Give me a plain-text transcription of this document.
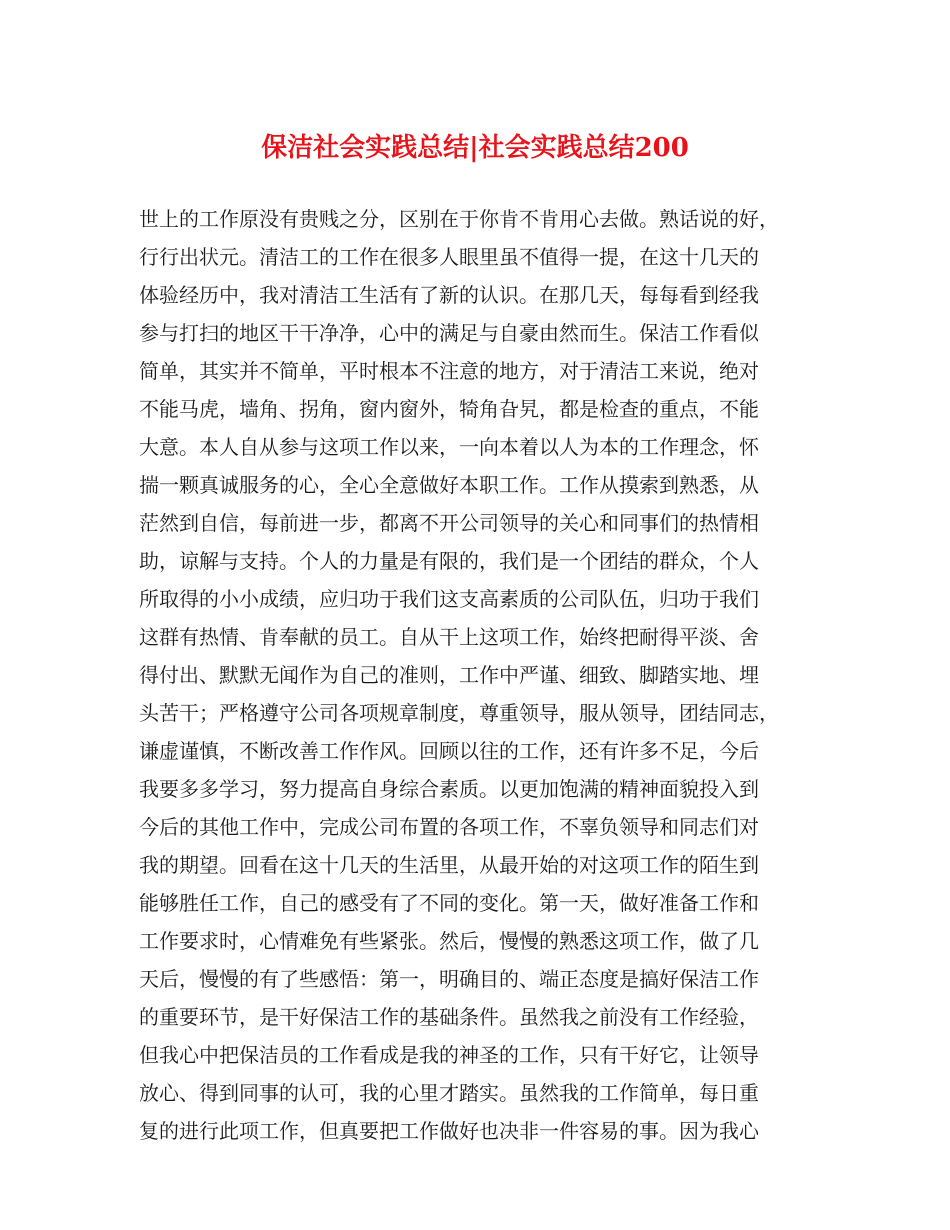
保洁社会实践总结|社会实践总结200
世上的工作原没有贵贱之分，区别在于你肯不肯用心去做。熟话说的好，
行行出状元。清洁工的工作在很多人眼里虽不值得一提，在这十几天的
体验经历中，我对清洁工生活有了新的认识。在那几天，每每看到经我
参与打扫的地区干干净净，心中的满足与自豪由然而生。保洁工作看似
简单，其实并不简单，平时根本不注意的地方，对于清洁工来说，绝对
不能马虎，墙角、拐角，窗内窗外，犄角旮旯，都是检查的重点，不能
大意。本人自从参与这项工作以来，一向本着以人为本的工作理念，怀
揣一颗真诚服务的心，全心全意做好本职工作。工作从摸索到熟悉，从
茫然到自信，每前进一步，都离不开公司领导的关心和同事们的热情相
助，谅解与支持。个人的力量是有限的，我们是一个团结的群众，个人
所取得的小小成绩，应归功于我们这支高素质的公司队伍，归功于我们
这群有热情、肯奉献的员工。自从干上这项工作，始终把耐得平淡、舍
得付出、默默无闻作为自己的准则，工作中严谨、细致、脚踏实地、埋
头苦干；严格遵守公司各项规章制度，尊重领导，服从领导，团结同志，
谦虚谨慎，不断改善工作作风。回顾以往的工作，还有许多不足，今后
我要多多学习，努力提高自身综合素质。以更加饱满的精神面貌投入到
今后的其他工作中，完成公司布置的各项工作，不辜负领导和同志们对
我的期望。回看在这十几天的生活里，从最开始的对这项工作的陌生到
能够胜任工作，自己的感受有了不同的变化。第一天，做好准备工作和
工作要求时，心情难免有些紧张。然后，慢慢的熟悉这项工作，做了几
天后，慢慢的有了些感悟：第一，明确目的、端正态度是搞好保洁工作
的重要环节，是干好保洁工作的基础条件。虽然我之前没有工作经验，
但我心中把保洁员的工作看成是我的神圣的工作，只有干好它，让领导
放心、得到同事的认可，我的心里才踏实。虽然我的工作简单，每日重
复的进行此项工作，但真要把工作做好也决非一件容易的事。因为我心
